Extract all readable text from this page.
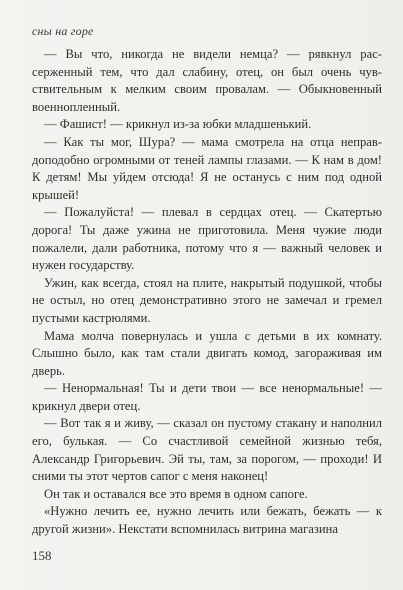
сны на горе

— Вы что, никогда не видели немца? — рявкнул рассерженный тем, что дал слабину, отец, он был очень чувствительным к мелким своим провалам. — Обыкновенный военнопленный.

— Фашист! — крикнул из-за юбки младшенький.

— Как ты мог, Шура? — мама смотрела на отца неправдоподобно огромными от теней лампы глазами. — К нам в дом! К детям! Мы уйдем отсюда! Я не останусь с ним под одной крышей!

— Пожалуйста! — плевал в сердцах отец. — Скатертью дорога! Ты даже ужина не приготовила. Меня чужие люди пожалели, дали работника, потому что я — важный человек и нужен государству.

Ужин, как всегда, стоял на плите, накрытый подушкой, чтобы не остыл, но отец демонстративно этого не замечал и гремел пустыми кастрюлями.

Мама молча повернулась и ушла с детьми в их комнату. Слышно было, как там стали двигать комод, загораживая им дверь.

— Ненормальная! Ты и дети твои — все ненормальные! — крикнул двери отец.

— Вот так я и живу, — сказал он пустому стакану и наполнил его, булькая. — Со счастливой семейной жизнью тебя, Александр Григорьевич. Эй ты, там, за порогом, — проходи! И сними ты этот чертов сапог с меня наконец!

Он так и оставался все это время в одном сапоге.

«Нужно лечить ее, нужно лечить или бежать, бежать — к другой жизни». Некстати вспомнилась витрина магазина

158
